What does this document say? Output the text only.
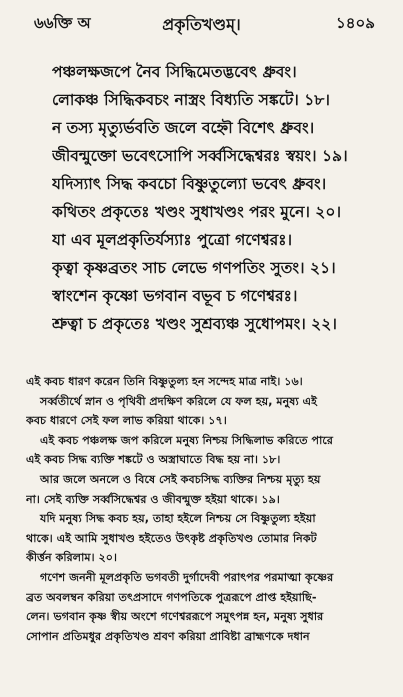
৬৬ক্তি অ	প্রকৃতিখণ্ডম্‌।	১৪০৯
পঞ্চলক্ষজপে নৈব সিদ্ধিমেতদ্ভবেৎ ধ্রুবং।
লোকঞ্চ সিদ্ধিকবচং নাস্ত্রং বিধ্যতি সঙ্কটে। ১৮।
ন তস্য মৃত্যুর্ভবতি জলে বহ্নৌ বিশেৎ ধ্রুবং।
জীবন্মুক্তো ভবেৎসোপি সর্ব্বসিদ্ধেশ্বরঃ স্বয়ং। ১৯।
যদিস্যাৎ সিদ্ধ কবচো বিষ্ণুতুল্যো ভবেৎ ধ্রুবং।
কথিতং প্রকৃতেঃ খণ্ডং সুধাখণ্ডং পরং মুনে। ২০।
যা এব মূলপ্রকৃতির্যস্যাঃ পুত্রো গণেশ্বরঃ।
কৃত্বা কৃষ্ণব্রতং সাচ লেভে গণপতিং সুতং। ২১।
স্বাংশেন কৃষ্ণো ভগবান বভূব চ গণেশ্বরঃ।
শ্রুত্বা চ প্রকৃতেঃ খণ্ডং সুশ্রব্যঞ্চ সুধোপমং। ২২।
এই কবচ ধারণ করেন তিনি বিষ্ণুতুল্য হন সন্দেহ মাত্র নাই। ১৬।
সর্ব্বতীর্থে স্নান ও পৃথিবী প্রদক্ষিণ করিলে যে ফল হয়, মনুষ্য এই
কবচ ধারণে সেই ফল লাভ করিয়া থাকে। ১৭।
এই কবচ পঞ্চলক্ষ জপ করিলে মনুষ্য নিশ্চয় সিদ্ধিলাভ করিতে পারে
এই কবচ সিদ্ধ ব্যক্তি শঙ্কটে ও অস্ত্রাঘাতে বিদ্ধ হয় না। ১৮।
আর জলে অনলে ও বিষে সেই কবচসিদ্ধ ব্যক্তির নিশ্চয় মৃত্যু হয়
না। সেই ব্যক্তি সর্ব্বসিদ্ধেশ্বর ও জীবন্মুক্ত হইয়া থাকে। ১৯।
যদি মনুষ্য সিদ্ধ কবচ হয়, তাহা হইলে নিশ্চয় সে বিষ্ণুতুল্য হইয়া
থাকে। এই আমি সুধাখণ্ড হইতেও উৎকৃষ্ট প্রকৃতিখণ্ড তোমার নিকট
কীর্ত্তন করিলাম। ২০।
গণেশ জননী মূলপ্রকৃতি ভগবতী দুর্গাদেবী পরাৎপর পরমাত্মা কৃষ্ণের
ব্রত অবলম্বন করিয়া তৎপ্রসাদে গণপতিকে পুত্ররূপে প্রাপ্ত হইয়াছি-
লেন। ভগবান কৃষ্ণ স্বীয় অংশে গণেশ্বররূপে সমুৎপন্ন হন, মনুষ্য সুধার
সোপান প্রতিমধুর প্রকৃতিখণ্ড শ্রবণ করিয়া প্রাবিষ্টা ব্রাহ্মণকে দধান
